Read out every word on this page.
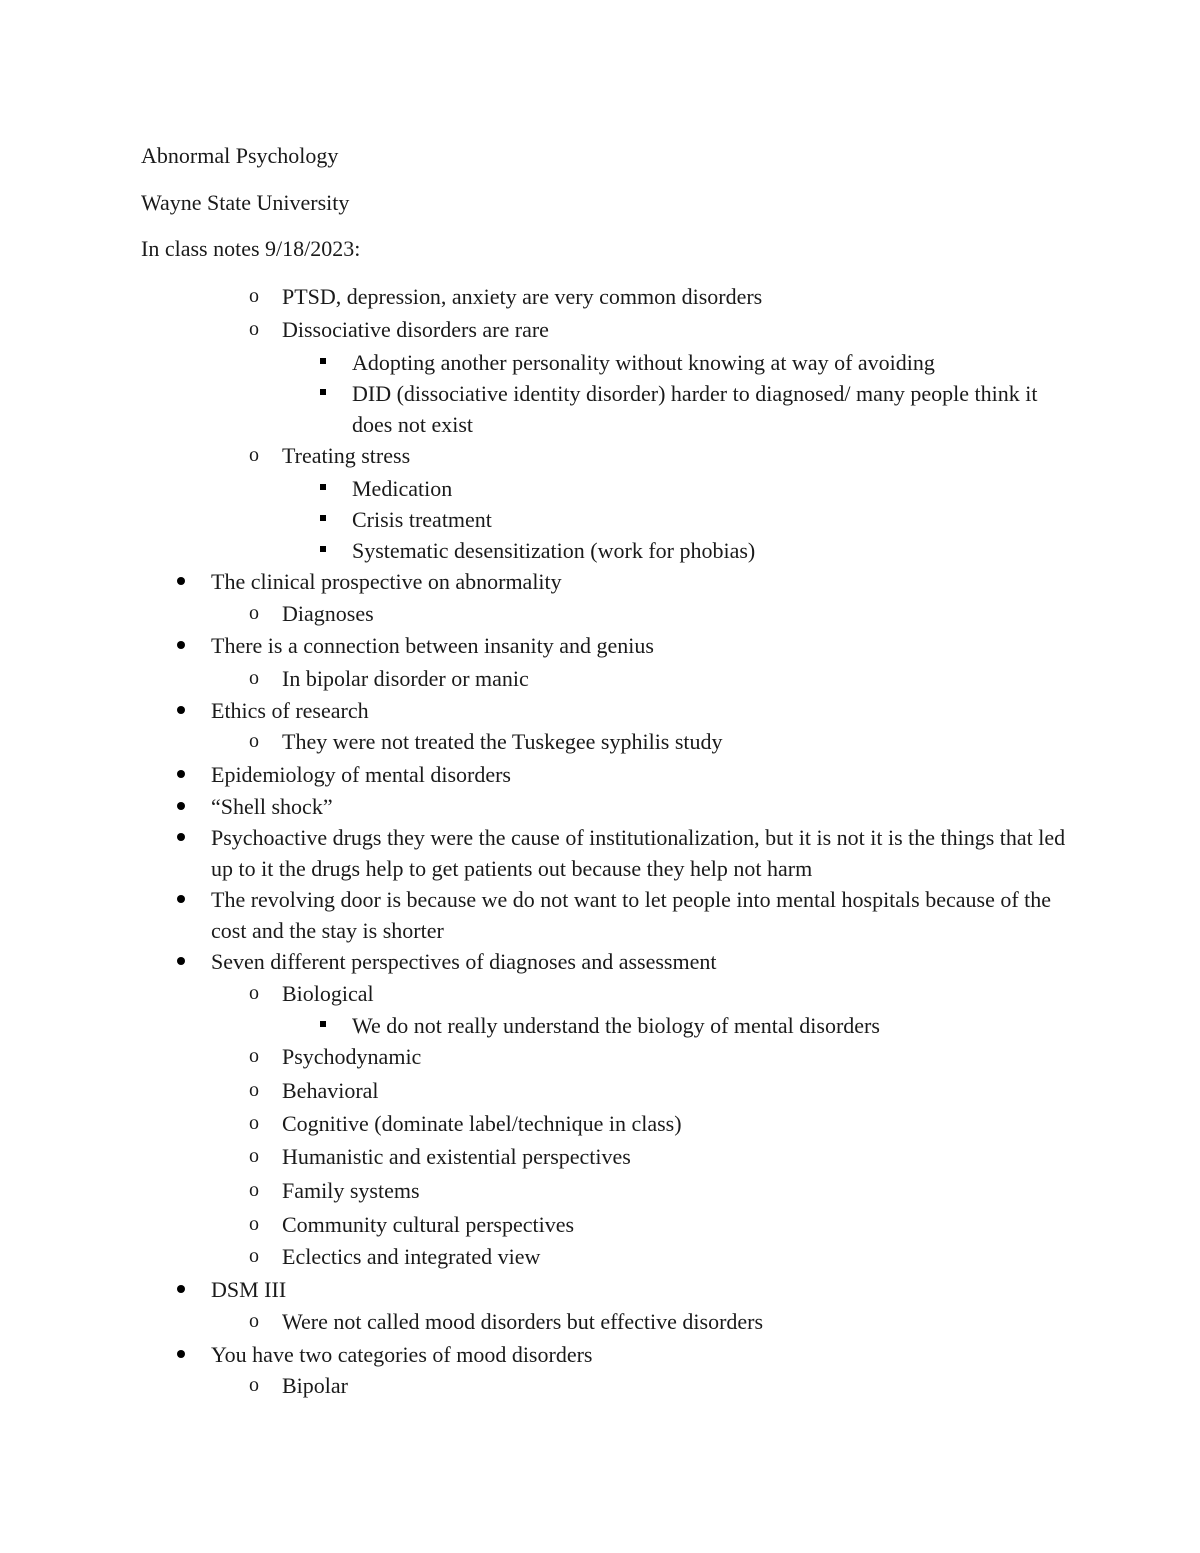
Abnormal Psychology
Wayne State University
In class notes 9/18/2023:
o PTSD, depression, anxiety are very common disorders
o Dissociative disorders are rare
Adopting another personality without knowing at way of avoiding
DID (dissociative identity disorder) harder to diagnosed/ many people think it does not exist
o Treating stress
Medication
Crisis treatment
Systematic desensitization (work for phobias)
The clinical prospective on abnormality
o Diagnoses
There is a connection between insanity and genius
o In bipolar disorder or manic
Ethics of research
o They were not treated the Tuskegee syphilis study
Epidemiology of mental disorders
“Shell shock”
Psychoactive drugs they were the cause of institutionalization, but it is not it is the things that led up to it the drugs help to get patients out because they help not harm
The revolving door is because we do not want to let people into mental hospitals because of the cost and the stay is shorter
Seven different perspectives of diagnoses and assessment
o Biological
We do not really understand the biology of mental disorders
o Psychodynamic
o Behavioral
o Cognitive (dominate label/technique in class)
o Humanistic and existential perspectives
o Family systems
o Community cultural perspectives
o Eclectics and integrated view
DSM III
o Were not called mood disorders but effective disorders
You have two categories of mood disorders
o Bipolar
